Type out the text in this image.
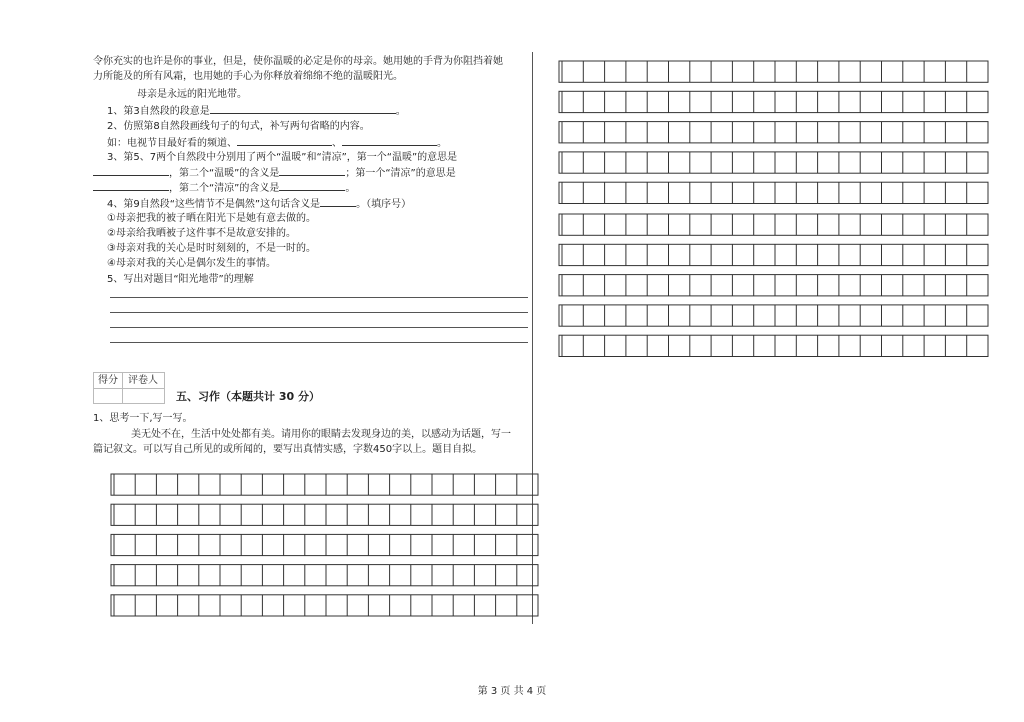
令你充实的也许是你的事业，但是，使你温暖的必定是你的母亲。她用她的手背为你阻挡着她
力所能及的所有风霜，也用她的手心为你释放着绵绵不绝的温暖阳光。
母亲是永远的阳光地带。
1、第3自然段的段意是	。
2、仿照第8自然段画线句子的句式，补写两句省略的内容。
如：电视节目最好看的频道、	、	。
3、第5、7两个自然段中分别用了两个“温暖”和“清凉”，第一个“温暖”的意思是
，第二个“温暖”的含义是	；第一个“清凉”的意思是
，第二个“清凉”的含义是	。
4、第9自然段“这些情节不是偶然”这句话含义是	。（填序号）
①母亲把我的被子晒在阳光下是她有意去做的。
②母亲给我晒被子这件事不是故意安排的。
③母亲对我的关心是时时刻刻的，不是一时的。
④母亲对我的关心是偶尔发生的事情。
5、写出对题目“阳光地带”的理解
得分	评卷人
五、习作（本题共计 30 分）
1、思考一下,写一写。
美无处不在，生活中处处都有美。请用你的眼睛去发现身边的美，以感动为话题，写一
篇记叙文。可以写自己所见的或所闻的，要写出真情实感，字数450字以上。题目自拟。
第 3 页 共 4 页
